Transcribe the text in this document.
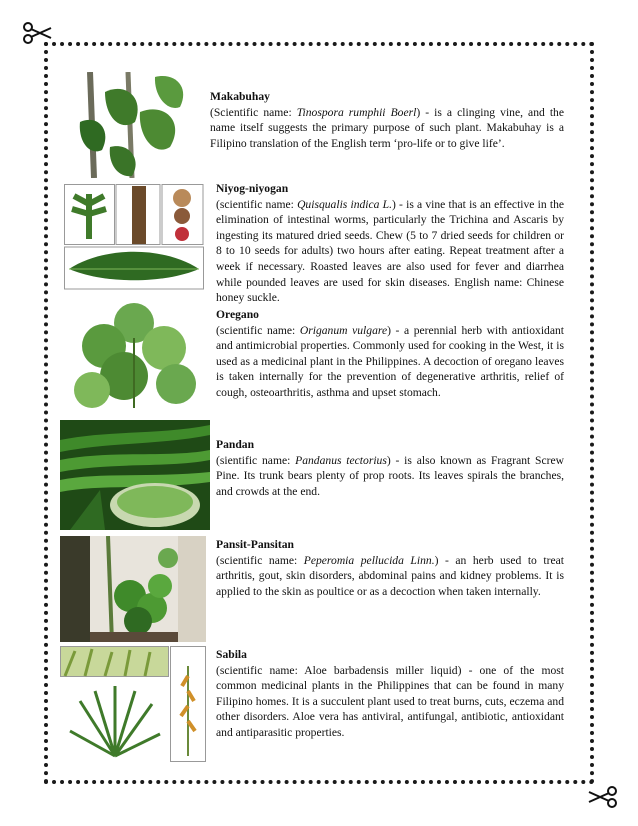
Makabuhay
(Scientific name: Tinospora rumphii Boerl) - is a clinging vine, and the name itself suggests the primary purpose of such plant. Makabuhay is a Filipino translation of the English term ‘pro-life or to give life’.
Niyog-niyogan
(scientific name: Quisqualis indica L.) - is a vine that is an effective in the elimination of intestinal worms, particularly the Trichina and Ascaris by ingesting its matured dried seeds. Chew (5 to 7 dried seeds for children or 8 to 10 seeds for adults) two hours after eating. Repeat treatment after a week if necessary. Roasted leaves are also used for fever and diarrhea while pounded leaves are used for skin diseases. English name: Chinese honey suckle.
Oregano
(scientific name: Origanum vulgare) - a perennial herb with antioxidant and antimicrobial properties. Commonly used for cooking in the West, it is used as a medicinal plant in the Philippines. A decoction of oregano leaves is taken internally for the prevention of degenerative arthritis, relief of cough, osteoarthritis, asthma and upset stomach.
Pandan
(sientific name: Pandanus tectorius) - is also known as Fragrant Screw Pine. Its trunk bears plenty of prop roots. Its leaves spirals the branches, and crowds at the end.
Pansit-Pansitan
(scientific name: Peperomia pellucida Linn.) - an herb used to treat arthritis, gout, skin disorders, abdominal pains and kidney problems. It is applied to the skin as poultice or as a decoction when taken internally.
Sabila
(scientific name: Aloe barbadensis miller liquid) - one of the most common medicinal plants in the Philippines that can be found in many Filipino homes. It is a succulent plant used to treat burns, cuts, eczema and other disorders. Aloe vera has antiviral, antifungal, antibiotic, antioxidant and antiparasitic properties.
